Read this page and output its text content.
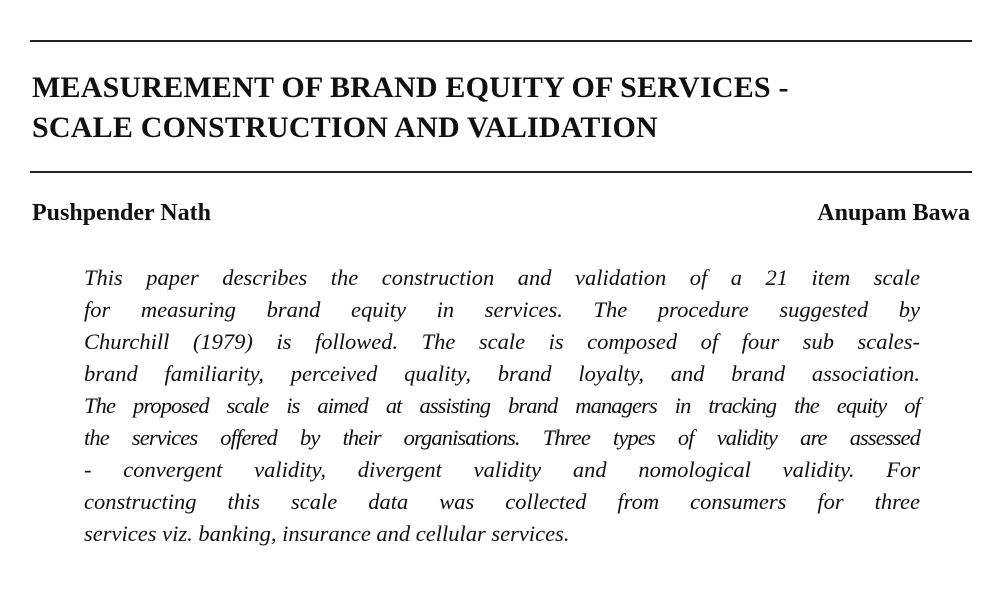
MEASUREMENT OF BRAND EQUITY OF SERVICES -
SCALE CONSTRUCTION AND VALIDATION
Pushpender Nath	Anupam Bawa

This paper describes the construction and validation of a 21 item scale
for measuring brand equity in services. The procedure suggested by
Churchill (1979) is followed. The scale is composed of four sub scales-
brand familiarity, perceived quality, brand loyalty, and brand association.
The proposed scale is aimed at assisting brand managers in tracking the equity of
the services offered by their organisations. Three types of validity are assessed
- convergent validity, divergent validity and nomological validity. For
constructing this scale data was collected from consumers for three
services viz. banking, insurance and cellular services.
